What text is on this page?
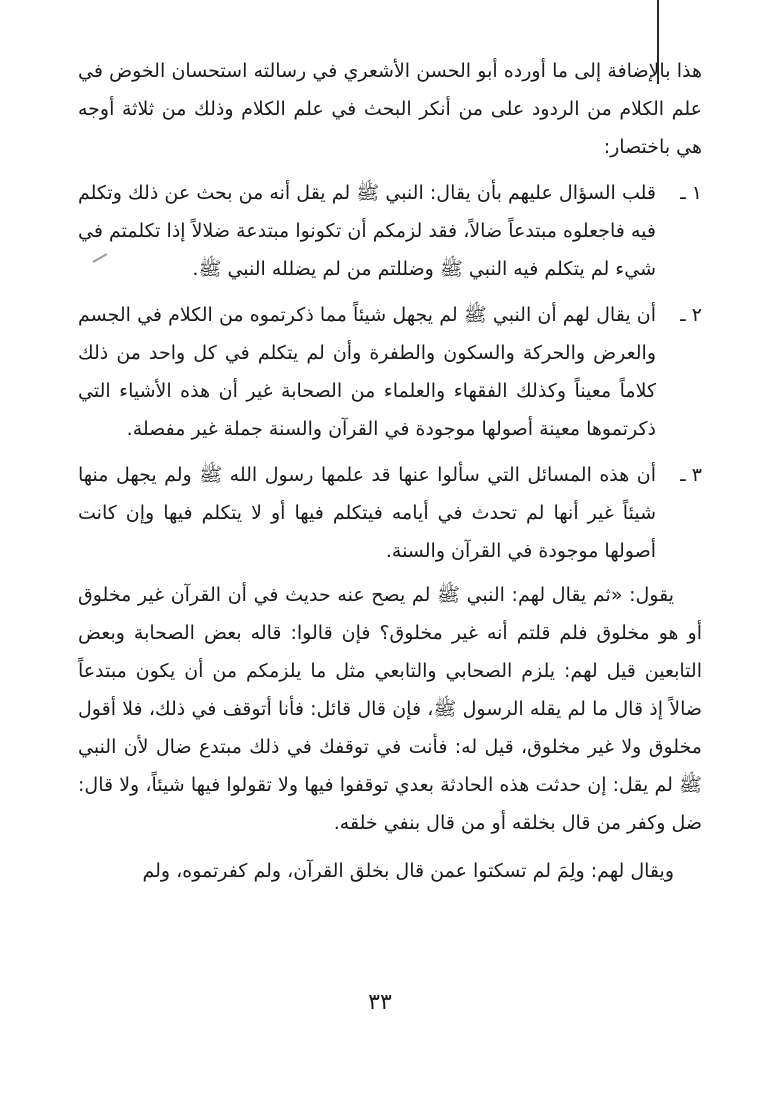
هذا بالإضافة إلى ما أورده أبو الحسن الأشعري في رسالته استحسان الخوض في علم الكلام من الردود على من أنكر البحث في علم الكلام وذلك من ثلاثة أوجه هي باختصار:

١ ـ
قلب السؤال عليهم بأن يقال: النبي ﷺ لم يقل أنه من بحث عن ذلك وتكلم فيه فاجعلوه مبتدعاً ضالاً، فقد لزمكم أن تكونوا مبتدعة ضلالاً إذا تكلمتم في شيء لم يتكلم فيه النبي ﷺ وضللتم من لم يضلله النبي ﷺ.
٢ ـ
أن يقال لهم أن النبي ﷺ لم يجهل شيئاً مما ذكرتموه من الكلام في الجسم والعرض والحركة والسكون والطفرة وأن لم يتكلم في كل واحد من ذلك كلاماً معيناً وكذلك الفقهاء والعلماء من الصحابة غير أن هذه الأشياء التي ذكرتموها معينة أصولها موجودة في القرآن والسنة جملة غير مفصلة.
٣ ـ
أن هذه المسائل التي سألوا عنها قد علمها رسول الله ﷺ ولم يجهل منها شيئاً غير أنها لم تحدث في أيامه فيتكلم فيها أو لا يتكلم فيها وإن كانت أصولها موجودة في القرآن والسنة.

يقول: «ثم يقال لهم: النبي ﷺ لم يصح عنه حديث في أن القرآن غير مخلوق أو هو مخلوق فلم قلتم أنه غير مخلوق؟ فإن قالوا: قاله بعض الصحابة وبعض التابعين قيل لهم: يلزم الصحابي والتابعي مثل ما يلزمكم من أن يكون مبتدعاً ضالاً إذ قال ما لم يقله الرسول ﷺ، فإن قال قائل: فأنا أتوقف في ذلك، فلا أقول مخلوق ولا غير مخلوق، قيل له: فأنت في توقفك في ذلك مبتدع ضال لأن النبي ﷺ لم يقل: إن حدثت هذه الحادثة بعدي توقفوا فيها ولا تقولوا فيها شيئاً، ولا قال: ضل وكفر من قال بخلقه أو من قال بنفي خلقه.

ويقال لهم: ولِمَ لم تسكتوا عمن قال بخلق القرآن، ولم كفرتموه، ولم

٣٣
